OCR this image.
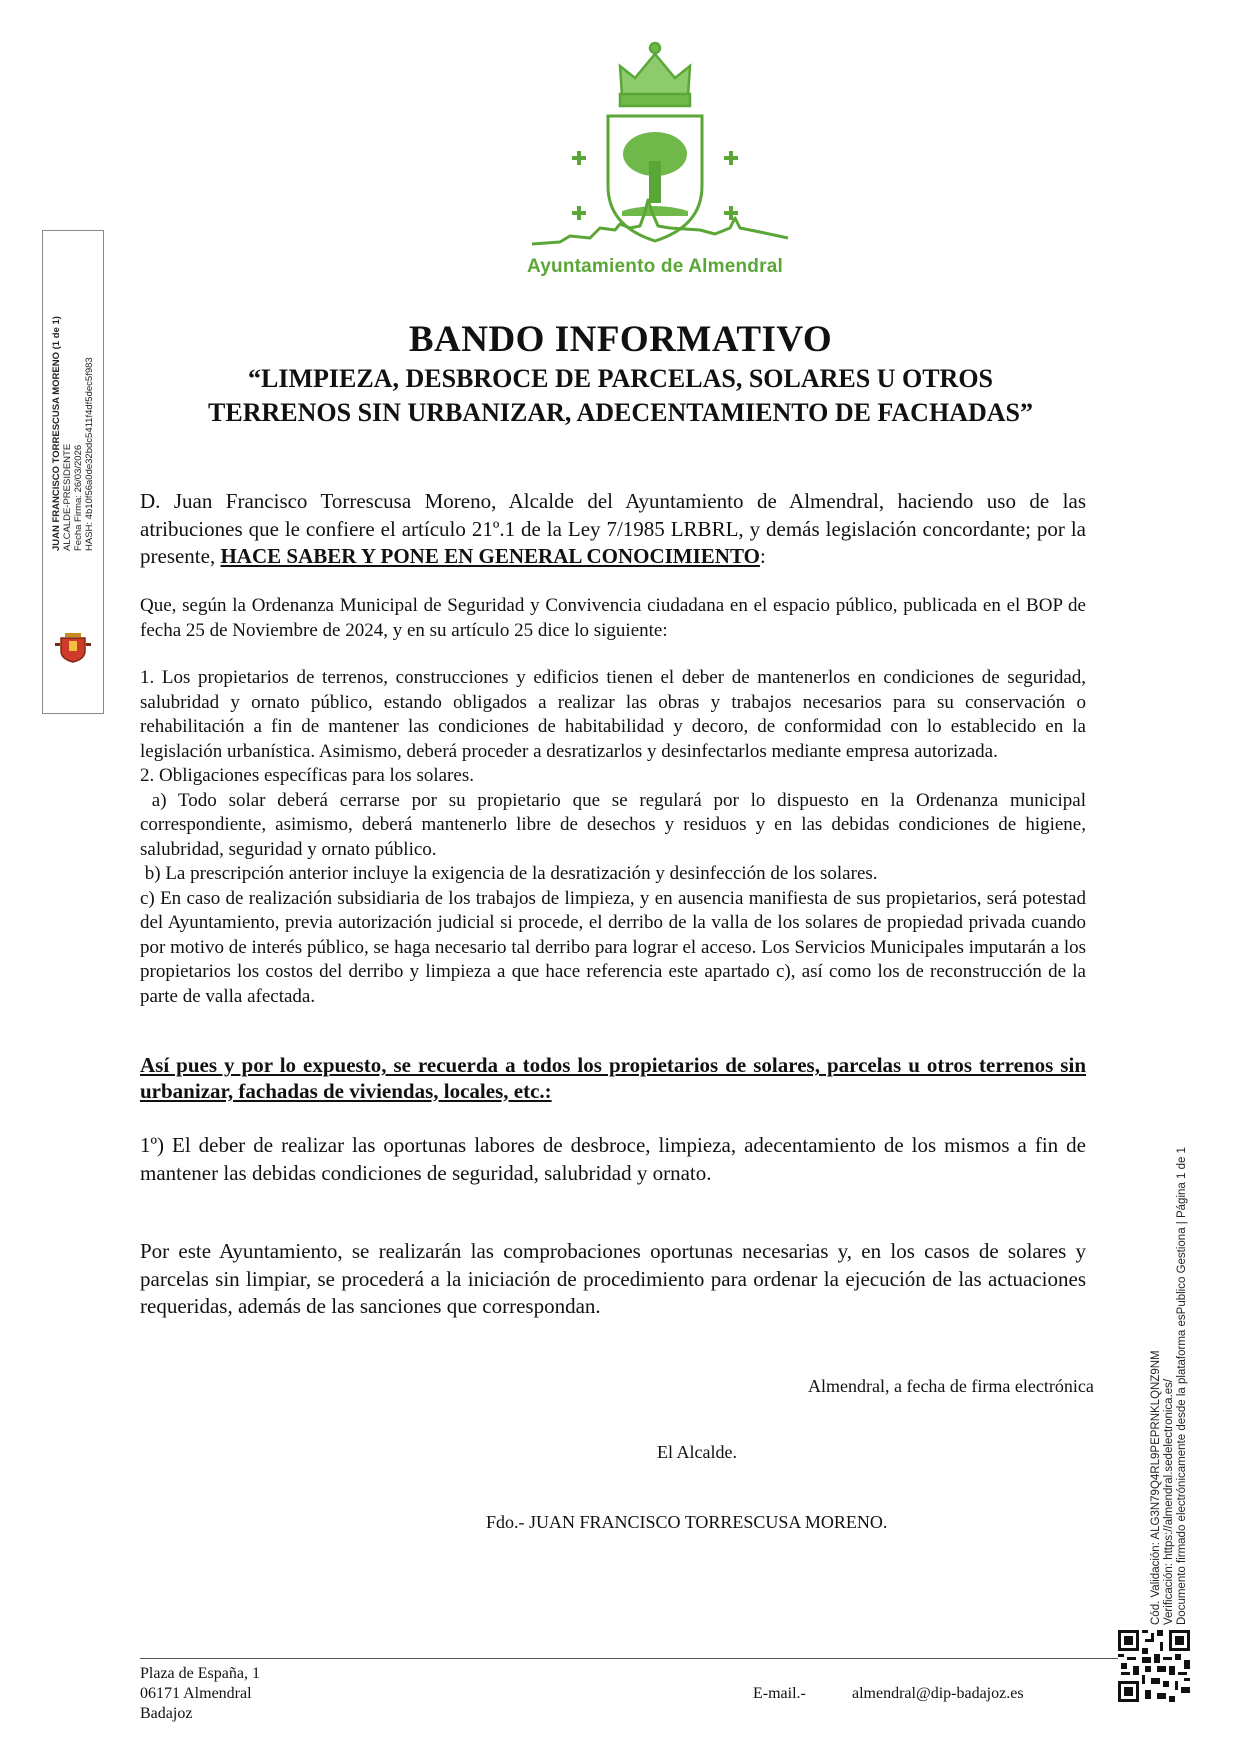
Ayuntamiento de Almendral
JUAN FRANCISCO TORRESCUSA MORENO (1 de 1)
ALCALDE-PRESIDENTE Fecha Firma: 26/03/2026 HASH: 4b10f56a0de32bdc5411f4df5dec5f983
BANDO INFORMATIVO
“LIMPIEZA, DESBROCE DE PARCELAS, SOLARES U OTROS
TERRENOS SIN URBANIZAR, ADECENTAMIENTO DE FACHADAS”
D. Juan Francisco Torrescusa Moreno, Alcalde del Ayuntamiento de Almendral, haciendo uso de las atribuciones que le confiere el artículo 21º.1 de la Ley 7/1985 LRBRL, y demás legislación concordante; por la presente, HACE SABER Y PONE EN GENERAL CONOCIMIENTO:
Que, según la Ordenanza Municipal de Seguridad y Convivencia ciudadana en el espacio público, publicada en el BOP de fecha 25 de Noviembre de 2024, y en su artículo 25 dice lo siguiente:

1. Los propietarios de terrenos, construcciones y edificios tienen el deber de mantenerlos en condiciones de seguridad, salubridad y ornato público, estando obligados a realizar las obras y trabajos necesarios para su conservación o rehabilitación a fin de mantener las condiciones de habitabilidad y decoro, de conformidad con lo establecido en la legislación urbanística. Asimismo, deberá proceder a desratizarlos y desinfectarlos mediante empresa autorizada.

2. Obligaciones específicas para los solares.

a) Todo solar deberá cerrarse por su propietario que se regulará por lo dispuesto en la Ordenanza municipal correspondiente, asimismo, deberá mantenerlo libre de desechos y residuos y en las debidas condiciones de higiene, salubridad, seguridad y ornato público.

b) La prescripción anterior incluye la exigencia de la desratización y desinfección de los solares.

c) En caso de realización subsidiaria de los trabajos de limpieza, y en ausencia manifiesta de sus propietarios, será potestad del Ayuntamiento, previa autorización judicial si procede, el derribo de la valla de los solares de propiedad privada cuando por motivo de interés público, se haga necesario tal derribo para lograr el acceso. Los Servicios Municipales imputarán a los propietarios los costos del derribo y limpieza a que hace referencia este apartado c), así como los de reconstrucción de la parte de valla afectada.

Así pues y por lo expuesto, se recuerda a todos los propietarios de solares, parcelas u otros terrenos sin urbanizar, fachadas de viviendas, locales, etc.:
1º) El deber de realizar las oportunas labores de desbroce, limpieza, adecentamiento de los mismos a fin de mantener las debidas condiciones de seguridad, salubridad y ornato.
Por este Ayuntamiento, se realizarán las comprobaciones oportunas necesarias y, en los casos de solares y parcelas sin limpiar, se procederá a la iniciación de procedimiento para ordenar la ejecución de las actuaciones requeridas, además de las sanciones que correspondan.
Almendral, a fecha de firma electrónica
El Alcalde.
Fdo.- JUAN FRANCISCO TORRESCUSA MORENO.	Cód. Validación: ALG3N79Q4RL9PEPRNKLQNZ9NM Verificación: https://almendral.sedelectronica.es/ Documento firmado electrónicamente desde la plataforma esPublico Gestiona | Página 1 de 1
Plaza de España, 1
06171 Almendral
Badajoz
E-mail.-	almendral@dip-badajoz.es
